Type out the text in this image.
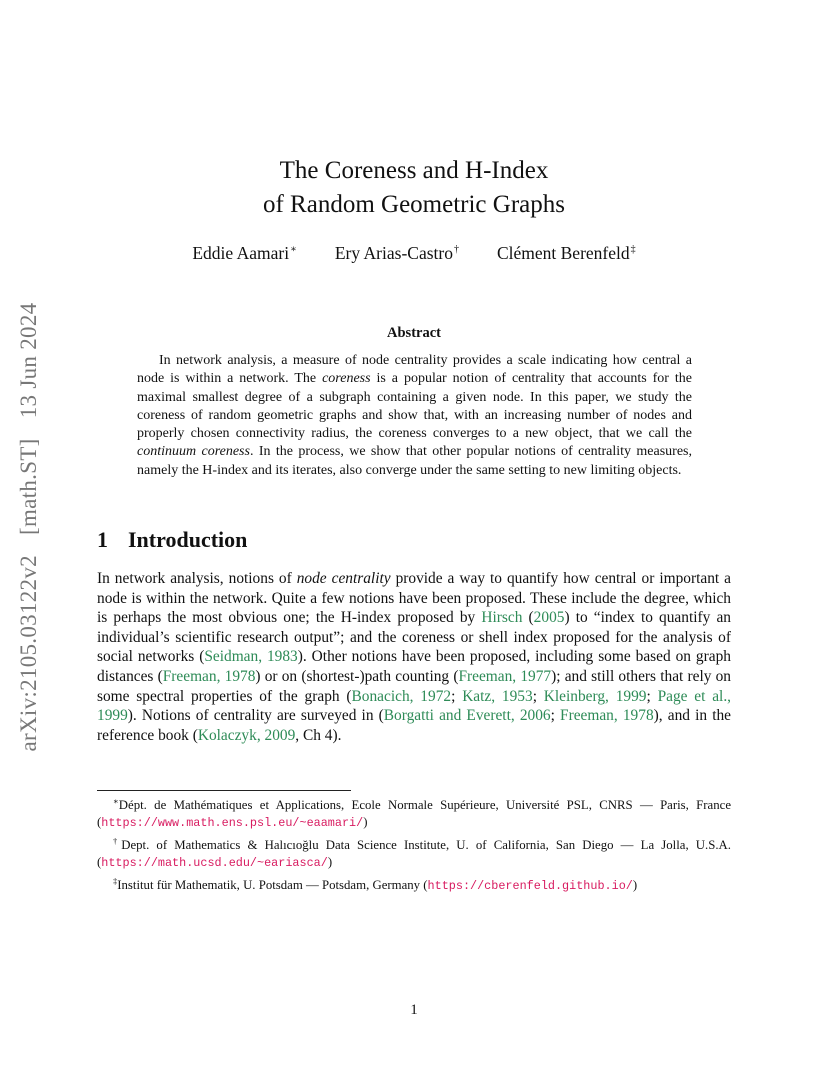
arXiv:2105.03122v2 [math.ST] 13 Jun 2024
The Coreness and H-Index
of Random Geometric Graphs
Eddie Aamari∗ Ery Arias-Castro† Clément Berenfeld‡
Abstract
In network analysis, a measure of node centrality provides a scale indicating how central a node is within a network. The coreness is a popular notion of centrality that accounts for the maximal smallest degree of a subgraph containing a given node. In this paper, we study the coreness of random geometric graphs and show that, with an increasing number of nodes and properly chosen connectivity radius, the coreness converges to a new object, that we call the continuum coreness. In the process, we show that other popular notions of centrality measures, namely the H-index and its iterates, also converge under the same setting to new limiting objects.
1 Introduction
In network analysis, notions of node centrality provide a way to quantify how central or important a node is within the network. Quite a few notions have been proposed. These include the degree, which is perhaps the most obvious one; the H-index proposed by Hirsch (2005) to “index to quantify an individual’s scientific research output”; and the coreness or shell index proposed for the analysis of social networks (Seidman, 1983). Other notions have been proposed, including some based on graph distances (Freeman, 1978) or on (shortest-)path counting (Freeman, 1977); and still others that rely on some spectral properties of the graph (Bonacich, 1972; Katz, 1953; Kleinberg, 1999; Page et al., 1999). Notions of centrality are surveyed in (Borgatti and Everett, 2006; Freeman, 1978), and in the reference book (Kolaczyk, 2009, Ch 4).
∗Dépt. de Mathématiques et Applications, Ecole Normale Supérieure, Université PSL, CNRS — Paris, France (https://www.math.ens.psl.eu/~eaamari/)
†Dept. of Mathematics & Halıcıoğlu Data Science Institute, U. of California, San Diego — La Jolla, U.S.A. (https://math.ucsd.edu/~eariasca/)
‡Institut für Mathematik, U. Potsdam — Potsdam, Germany (https://cberenfeld.github.io/)
1
